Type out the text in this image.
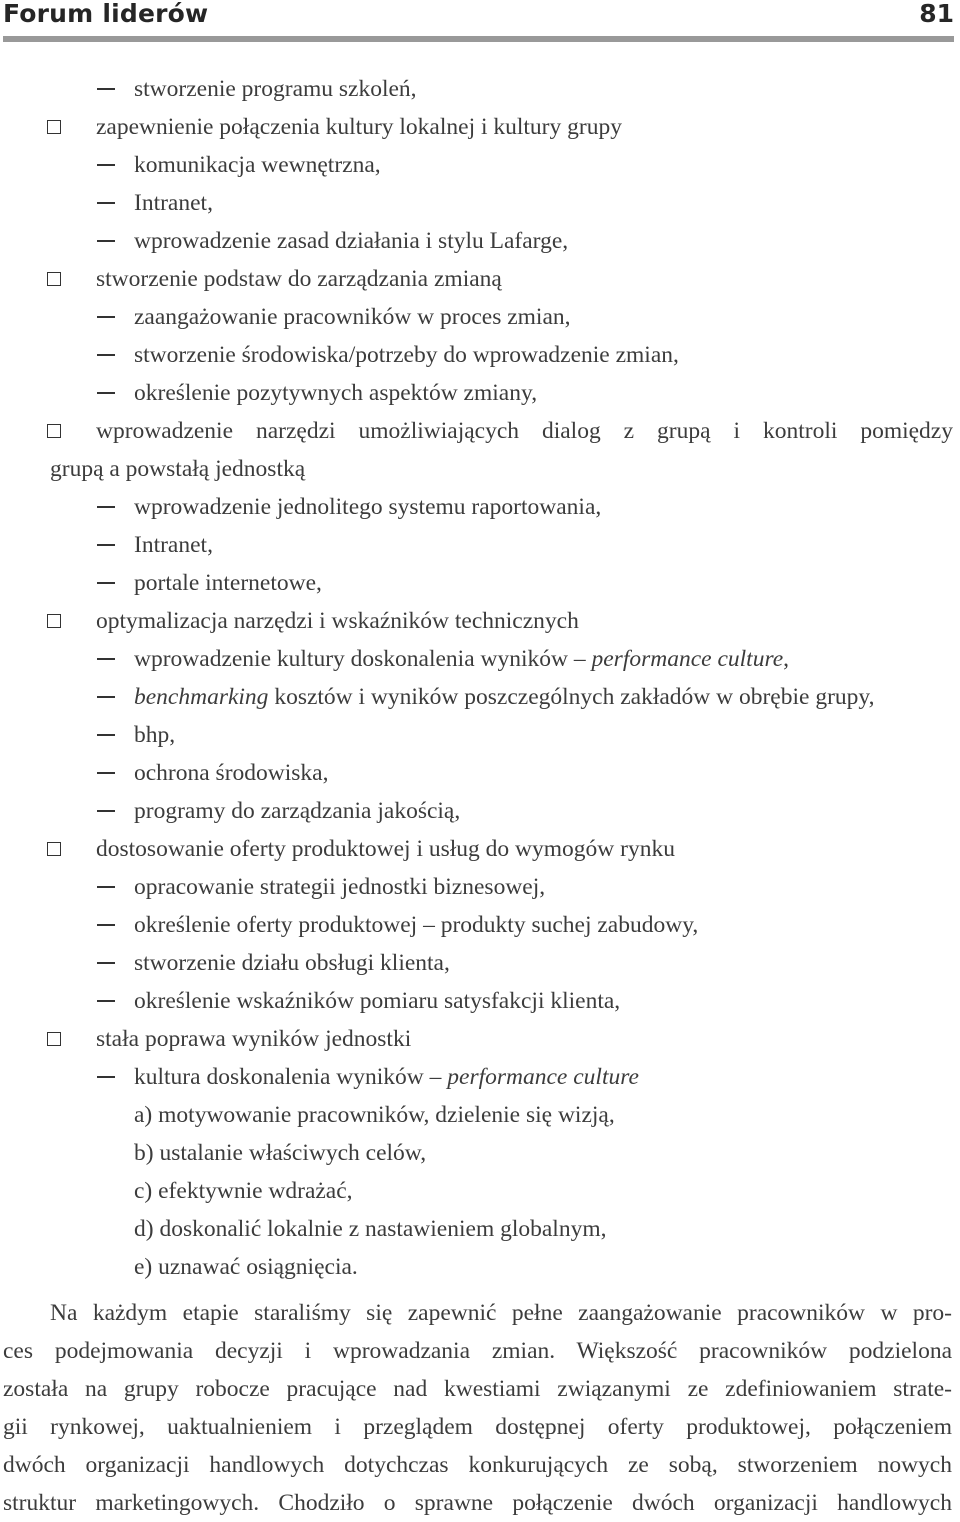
Forum liderów	81
stworzenie programu szkoleń,
zapewnienie połączenia kultury lokalnej i kultury grupy
komunikacja wewnętrzna,
Intranet,
wprowadzenie zasad działania i stylu Lafarge,
stworzenie podstaw do zarządzania zmianą
zaangażowanie pracowników w proces zmian,
stworzenie środowiska/potrzeby do wprowadzenie zmian,
określenie pozytywnych aspektów zmiany,
wprowadzenie narzędzi umożliwiających dialog z grupą i kontroli pomiędzy
grupą a powstałą jednostką
wprowadzenie jednolitego systemu raportowania,
Intranet,
portale internetowe,
optymalizacja narzędzi i wskaźników technicznych
wprowadzenie kultury doskonalenia wyników – performance culture,
benchmarking kosztów i wyników poszczególnych zakładów w obrębie grupy,
bhp,
ochrona środowiska,
programy do zarządzania jakością,
dostosowanie oferty produktowej i usług do wymogów rynku
opracowanie strategii jednostki biznesowej,
określenie oferty produktowej – produkty suchej zabudowy,
stworzenie działu obsługi klienta,
określenie wskaźników pomiaru satysfakcji klienta,
stała poprawa wyników jednostki
kultura doskonalenia wyników – performance culture
a) motywowanie pracowników, dzielenie się wizją,
b) ustalanie właściwych celów,
c) efektywnie wdrażać,
d) doskonalić lokalnie z nastawieniem globalnym,
e) uznawać osiągnięcia.
Na każdym etapie staraliśmy się zapewnić pełne zaangażowanie pracowników w pro-
ces podejmowania decyzji i wprowadzania zmian. Większość pracowników podzielona
została na grupy robocze pracujące nad kwestiami związanymi ze zdefiniowaniem strate-
gii rynkowej, uaktualnieniem i przeglądem dostępnej oferty produktowej, połączeniem
dwóch organizacji handlowych dotychczas konkurujących ze sobą, stworzeniem nowych
struktur marketingowych. Chodziło o sprawne połączenie dwóch organizacji handlowych
